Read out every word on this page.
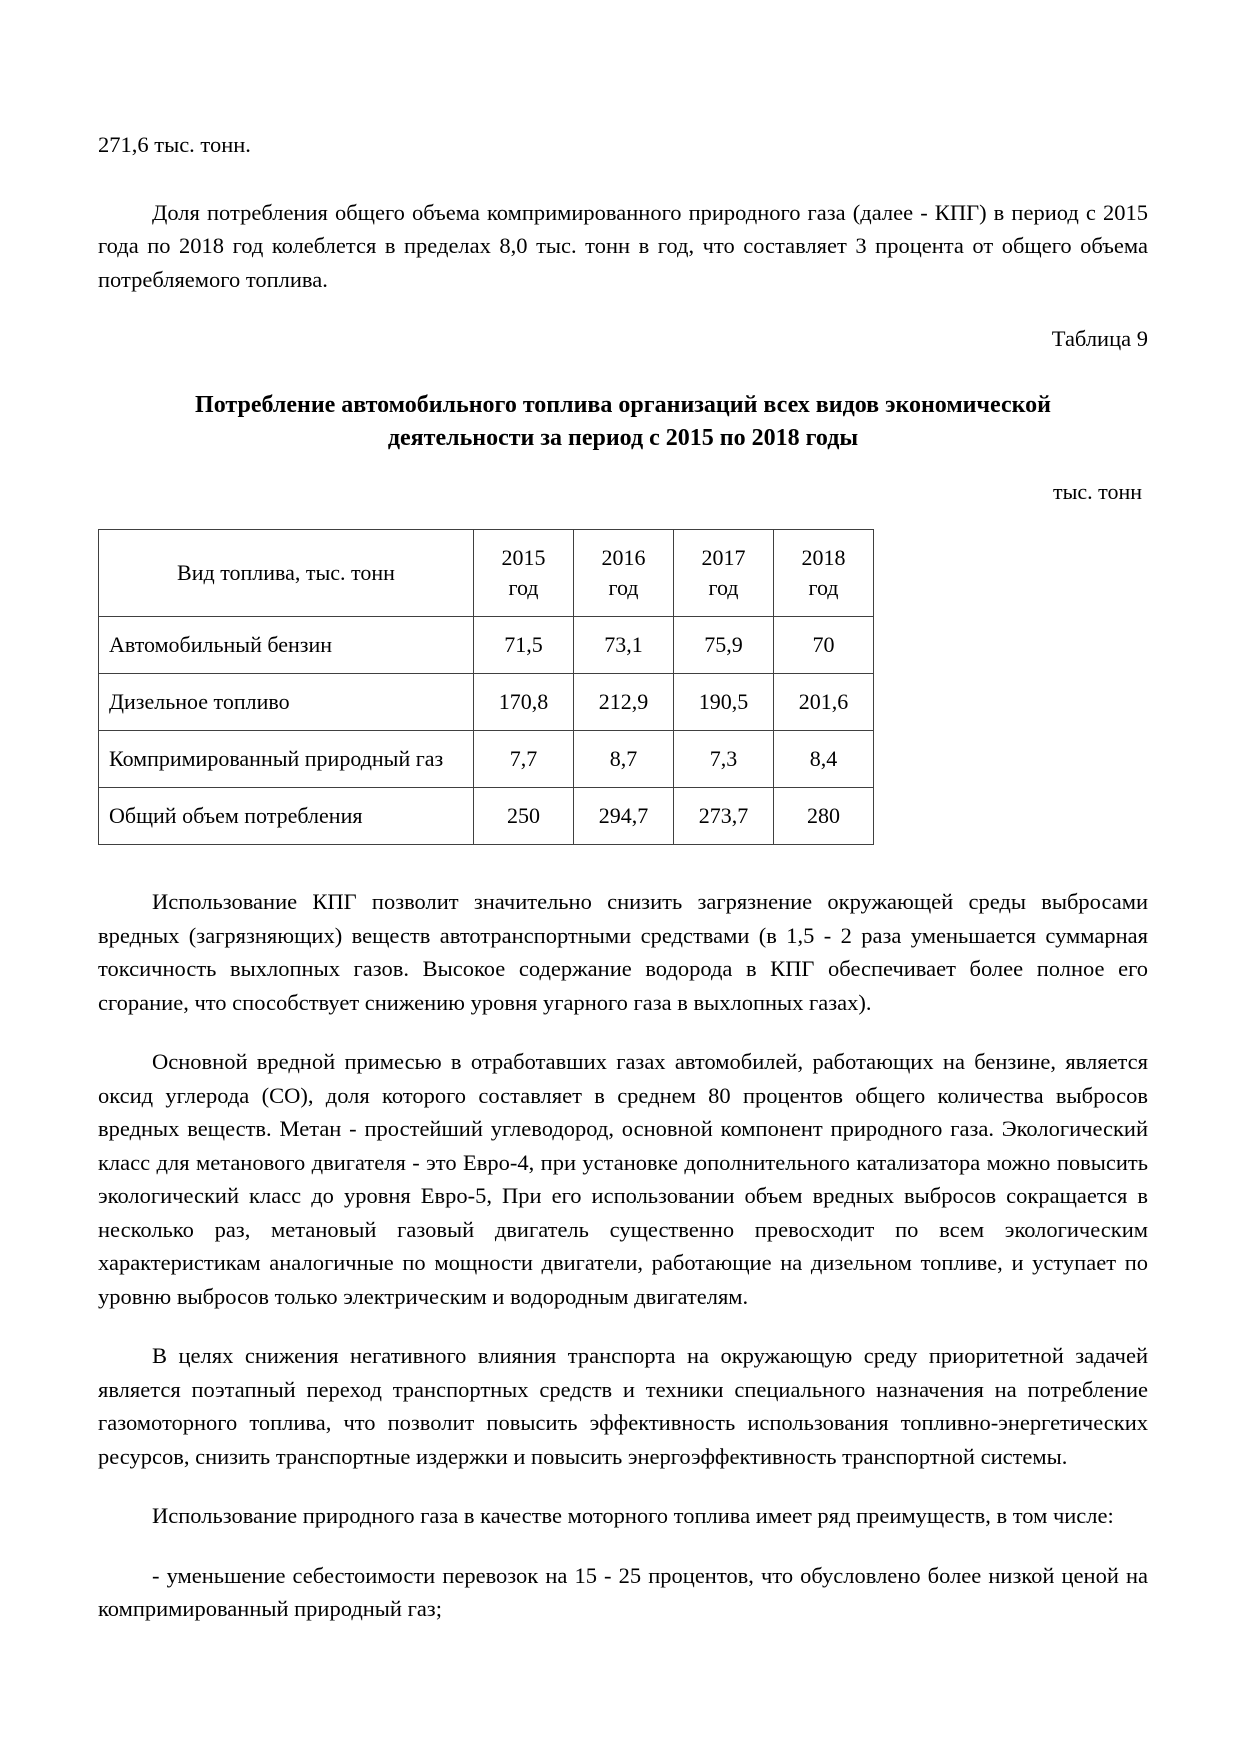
271,6 тыс. тонн.

Доля потребления общего объема компримированного природного газа (далее - КПГ) в период с 2015 года по 2018 год колеблется в пределах 8,0 тыс. тонн в год, что составляет 3 процента от общего объема потребляемого топлива.

Таблица 9

Потребление автомобильного топлива организаций всех видов экономической деятельности за период с 2015 по 2018 годы

тыс. тонн

Вид топлива, тыс. тонн	2015 год	2016 год	2017 год	2018 год
Автомобильный бензин	71,5	73,1	75,9	70
Дизельное топливо	170,8	212,9	190,5	201,6
Компримированный природный газ	7,7	8,7	7,3	8,4
Общий объем потребления	250	294,7	273,7	280

Использование КПГ позволит значительно снизить загрязнение окружающей среды выбросами вредных (загрязняющих) веществ автотранспортными средствами (в 1,5 - 2 раза уменьшается суммарная токсичность выхлопных газов. Высокое содержание водорода в КПГ обеспечивает более полное его сгорание, что способствует снижению уровня угарного газа в выхлопных газах).

Основной вредной примесью в отработавших газах автомобилей, работающих на бензине, является оксид углерода (СО), доля которого составляет в среднем 80 процентов общего количества выбросов вредных веществ. Метан - простейший углеводород, основной компонент природного газа. Экологический класс для метанового двигателя - это Евро-4, при установке дополнительного катализатора можно повысить экологический класс до уровня Евро-5, При его использовании объем вредных выбросов сокращается в несколько раз, метановый газовый двигатель существенно превосходит по всем экологическим характеристикам аналогичные по мощности двигатели, работающие на дизельном топливе, и уступает по уровню выбросов только электрическим и водородным двигателям.

В целях снижения негативного влияния транспорта на окружающую среду приоритетной задачей является поэтапный переход транспортных средств и техники специального назначения на потребление газомоторного топлива, что позволит повысить эффективность использования топливно-энергетических ресурсов, снизить транспортные издержки и повысить энергоэффективность транспортной системы.

Использование природного газа в качестве моторного топлива имеет ряд преимуществ, в том числе:

- уменьшение себестоимости перевозок на 15 - 25 процентов, что обусловлено более низкой ценой на компримированный природный газ;
